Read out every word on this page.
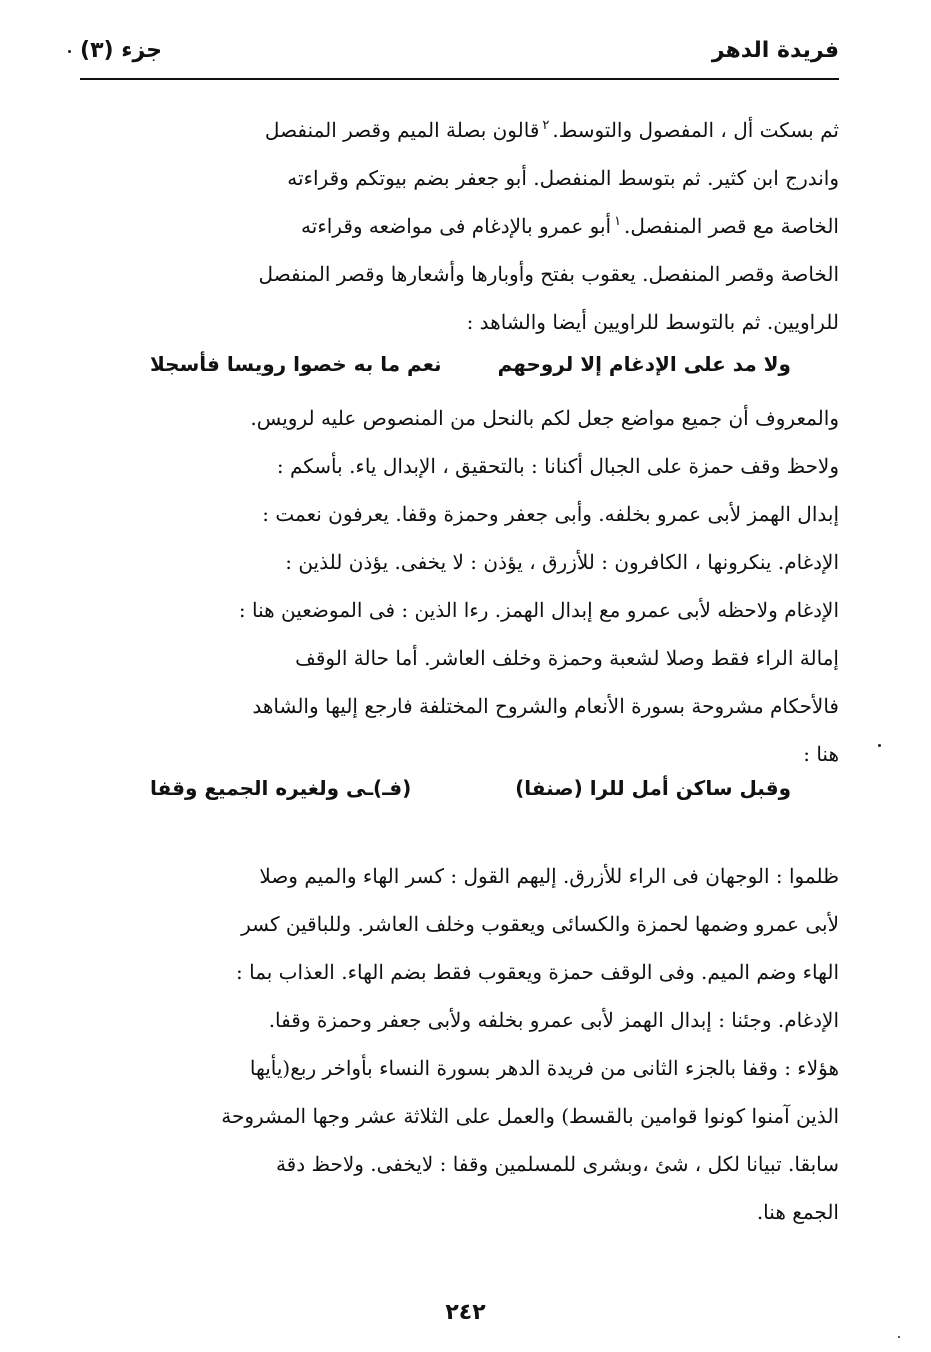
فريدة الدهر
جزء (٣)

ثم بسكت أل ، المفصول والتوسط.$^٢$قالون بصلة الميم وقصر المنفصل

واندرج ابن كثير. ثم بتوسط المنفصل. أبو جعفر بضم بيوتكم وقراءته

الخاصة مع قصر المنفصل.$^١$أبو عمرو بالإدغام فى مواضعه وقراءته

الخاصة وقصر المنفصل. يعقوب بفتح وأوبارها وأشعارها وقصر المنفصل

للراويين. ثم بالتوسط للراويين أيضا والشاهد :

ولا مد على الإدغام إلا لروحهم
نعم ما به خصوا رويسا فأسجلا

والمعروف أن جميع مواضع جعل لكم بالنحل من المنصوص عليه لرويس.

ولاحظ وقف حمزة على الجبال أكنانا : بالتحقيق ، الإبدال ياء. بأسكم :

إبدال الهمز لأبى عمرو بخلفه. وأبى جعفر وحمزة وقفا. يعرفون نعمت :

الإدغام. ينكرونها ، الكافرون : للأزرق ، يؤذن : لا يخفى. يؤذن للذين :

الإدغام ولاحظه لأبى عمرو مع إبدال الهمز. رءا الذين : فى الموضعين هنا :

إمالة الراء فقط وصلا لشعبة وحمزة وخلف العاشر. أما حالة الوقف

فالأحكام مشروحة بسورة الأنعام والشروح المختلفة فارجع إليها والشاهد

هنا :

وقبل ساكن أمل للرا (صنفا)
(فـ)ـى ولغيره الجميع وقفا

ظلموا : الوجهان فى الراء للأزرق. إليهم القول : كسر الهاء والميم وصلا

لأبى عمرو وضمها لحمزة والكسائى ويعقوب وخلف العاشر. وللباقين كسر

الهاء وضم الميم. وفى الوقف حمزة ويعقوب فقط بضم الهاء. العذاب بما :

الإدغام. وجئنا : إبدال الهمز لأبى عمرو بخلفه ولأبى جعفر وحمزة وقفا.

هؤلاء : وقفا بالجزء الثانى من فريدة الدهر بسورة النساء بأواخر ربع(يأيها

الذين آمنوا كونوا قوامين بالقسط) والعمل على الثلاثة عشر وجها المشروحة

سابقا. تبيانا لكل ، شئ ،وبشرى للمسلمين وقفا : لايخفى. ولاحظ دقة

الجمع هنا.

٢٤٢
